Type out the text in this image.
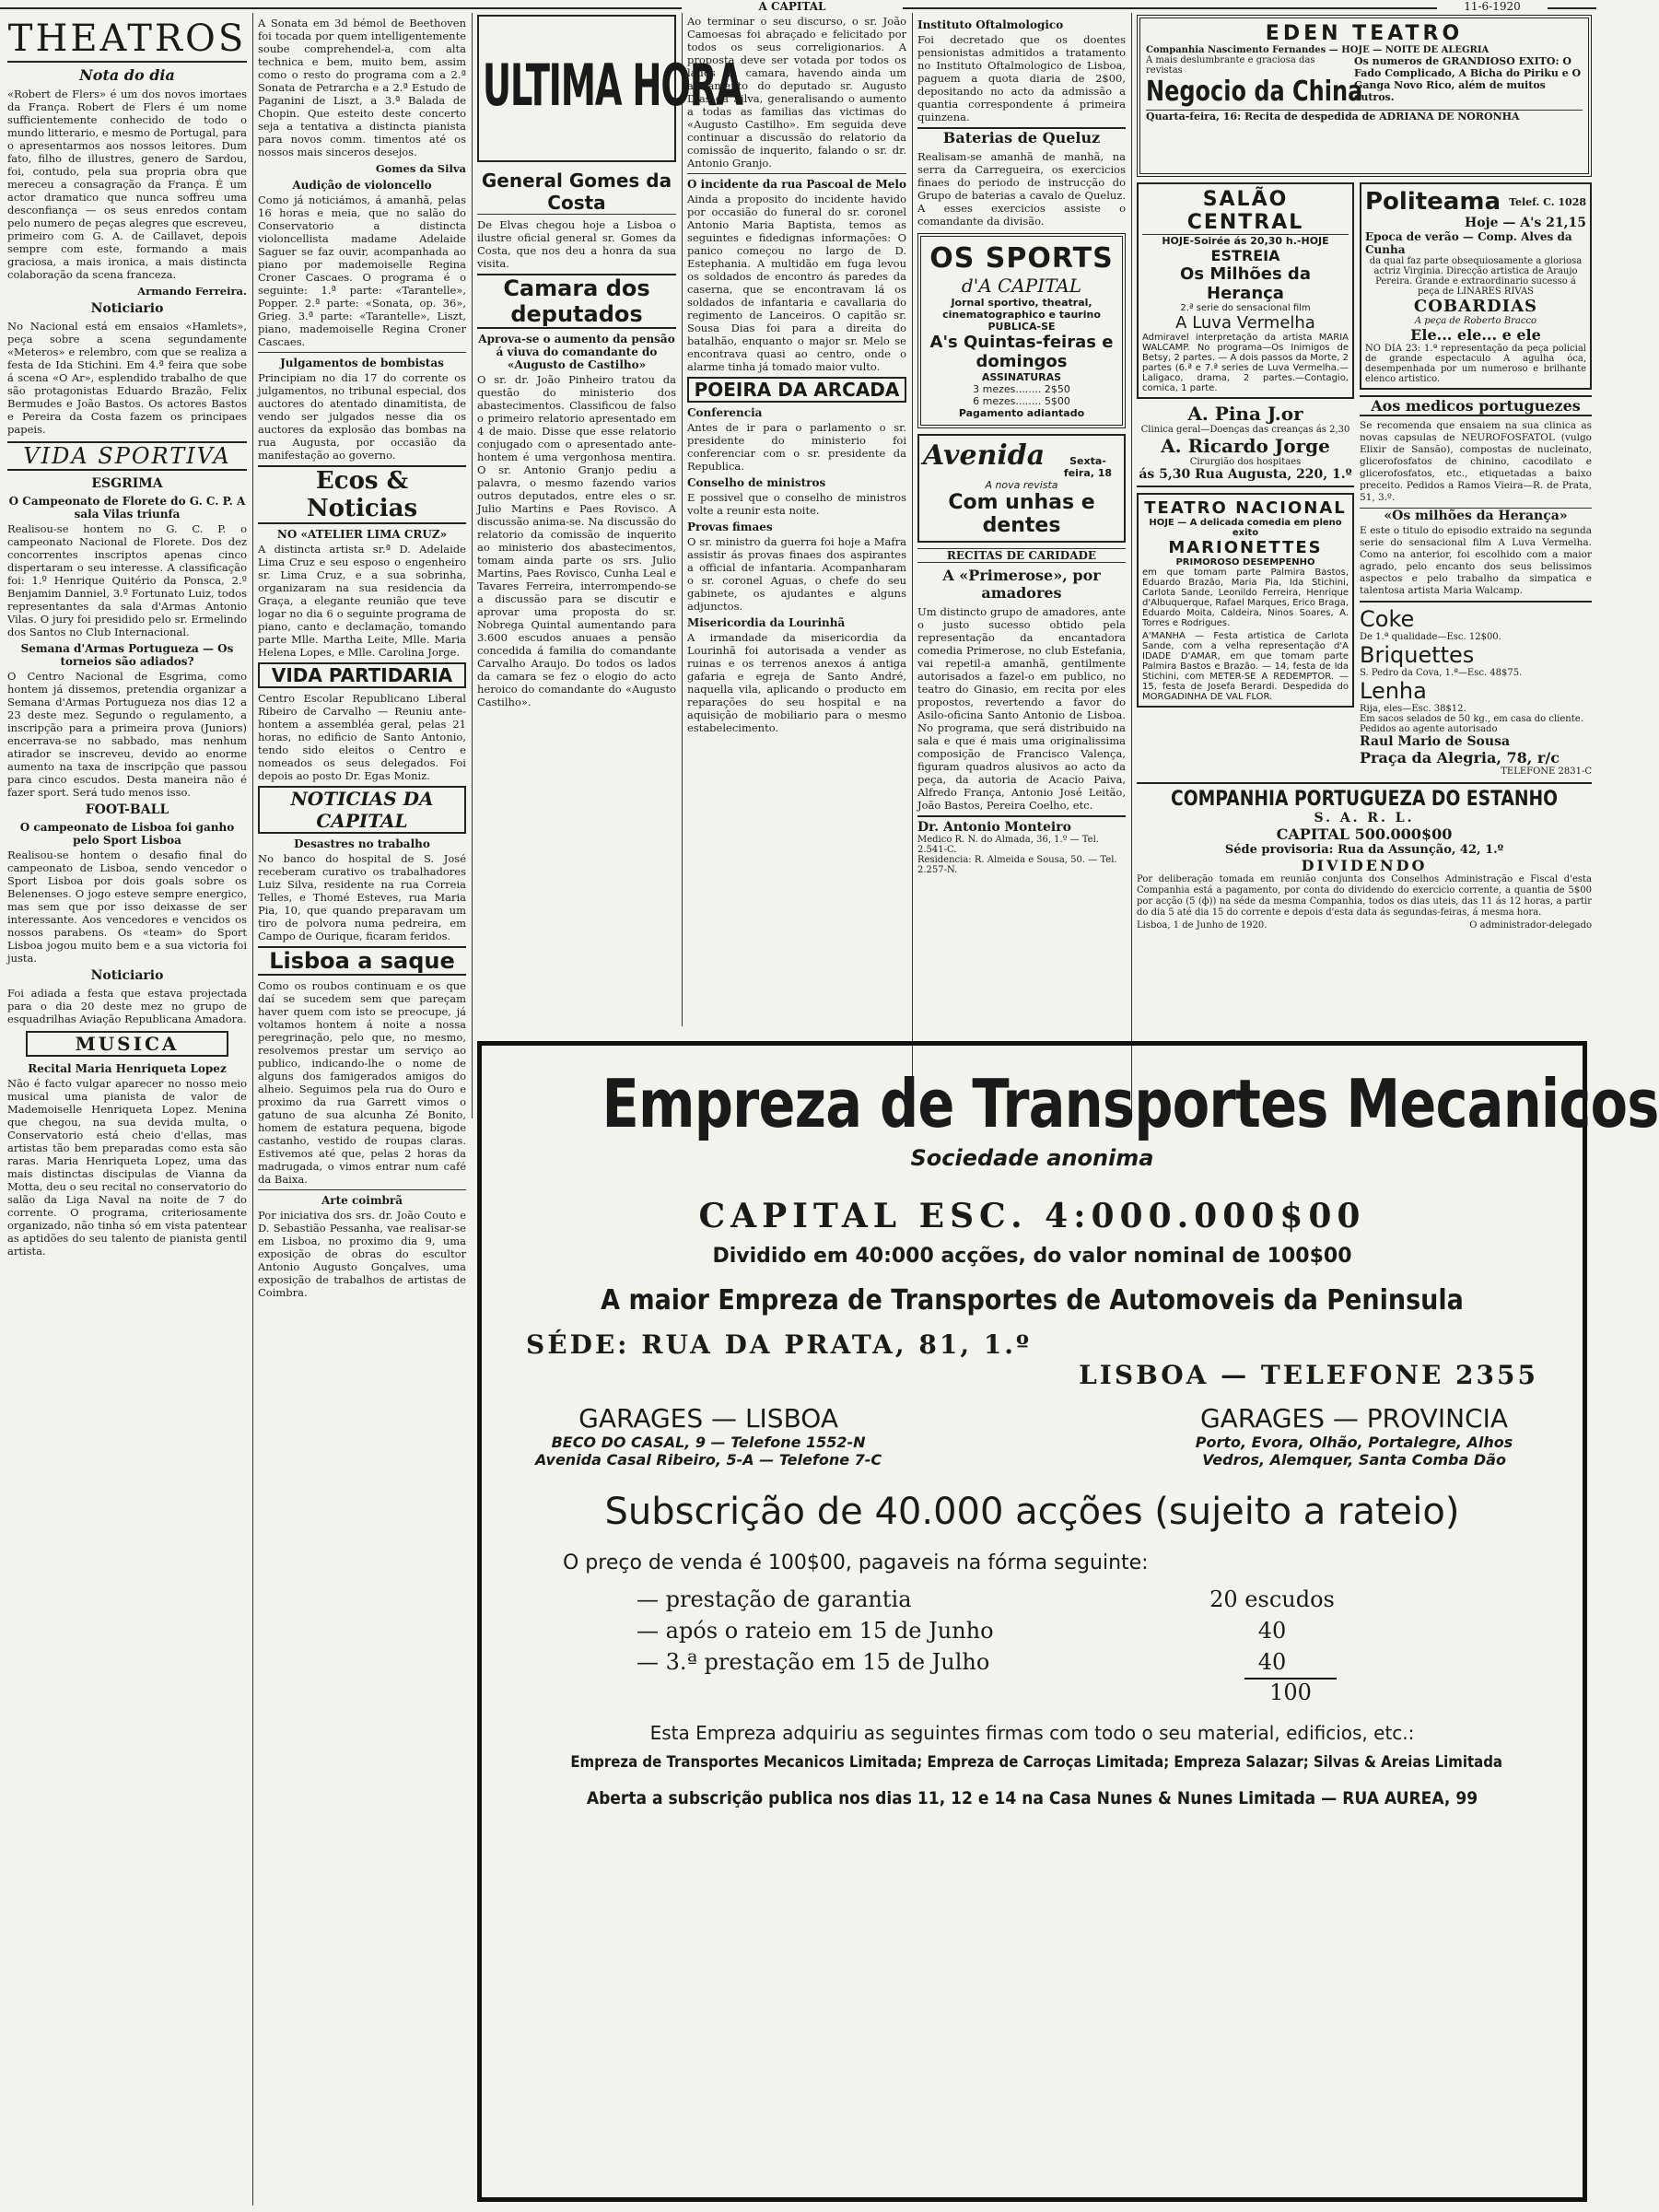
A CAPITAL	11-6-1920
THEATROS
Nota do dia
«Robert de Flers» é um dos novos imortaes da França. Robert de Flers é um nome sufficientemente conhecido de todo o mundo litterario, e mesmo de Portugal, para o apresentarmos aos nossos leitores. Dum fato, filho de illustres, genero de Sardou, foi, contudo, pela sua propria obra que mereceu a consagração da França. É um actor dramatico que nunca soffreu uma desconfiança — os seus enredos contam pelo numero de peças alegres que escreveu, primeiro com G. A. de Caillavet, depois sempre com este, formando a mais graciosa, a mais ironica, a mais distincta colaboração da scena franceza.
Armando Ferreira.
Noticiario
No Nacional está em ensaios «Hamlets», peça sobre a scena segundamente «Meteros» e relembro, com que se realiza a festa de Ida Stichini. Em 4.ª feira que sobe á scena «O Ar», esplendido trabalho de que são protagonistas Eduardo Brazão, Felix Bermudes e João Bastos. Os actores Bastos e Pereira da Costa fazem os principaes papeis.
VIDA SPORTIVA
ESGRIMA
O Campeonato de Florete do G. C. P. A sala Vilas triunfa
Realisou-se hontem no G. C. P. o campeonato Nacional de Florete. Dos dez concorrentes inscriptos apenas cinco dispertaram o seu interesse. A classificação foi: 1.º Henrique Quitério da Ponsca, 2.º Benjamim Danniel, 3.º Fortunato Luiz, todos representantes da sala d'Armas Antonio Vilas. O jury foi presidido pelo sr. Ermelindo dos Santos no Club Internacional.
Semana d'Armas Portugueza — Os torneios são adiados?
O Centro Nacional de Esgrima, como hontem já dissemos, pretendia organizar a Semana d'Armas Portugueza nos dias 12 a 23 deste mez. Segundo o regulamento, a inscripção para a primeira prova (Juniors) encerrava-se no sabbado, mas nenhum atirador se inscreveu, devido ao enorme aumento na taxa de inscripção que passou para cinco escudos. Desta maneira não é fazer sport. Será tudo menos isso.
FOOT-BALL
O campeonato de Lisboa foi ganho pelo Sport Lisboa
Realisou-se hontem o desafio final do campeonato de Lisboa, sendo vencedor o Sport Lisboa por dois goals sobre os Belenenses. O jogo esteve sempre energico, mas sem que por isso deixasse de ser interessante. Aos vencedores e vencidos os nossos parabens. Os «team» do Sport Lisboa jogou muito bem e a sua victoria foi justa.
Noticiario
Foi adiada a festa que estava projectada para o dia 20 deste mez no grupo de esquadrilhas Aviação Republicana Amadora.
MUSICA
Recital Maria Henriqueta Lopez
Não é facto vulgar aparecer no nosso meio musical uma pianista de valor de Mademoiselle Henriqueta Lopez. Menina que chegou, na sua devida multa, o Conservatorio está cheio d'ellas, mas artistas tão bem preparadas como esta são raras. Maria Henriqueta Lopez, uma das mais distinctas discipulas de Vianna da Motta, deu o seu recital no conservatorio do salão da Liga Naval na noite de 7 do corrente. O programa, criteriosamente organizado, não tinha só em vista patentear as aptidões do seu talento de pianista gentil artista.
A Sonata em 3d bémol de Beethoven foi tocada por quem intelligentemente soube comprehendel-a, com alta technica e bem, muito bem, assim como o resto do programa com a 2.ª Sonata de Petrarcha e a 2.ª Estudo de Paganini de Liszt, a 3.ª Balada de Chopin. Que esteito deste concerto seja a tentativa a distincta pianista para novos comm. timentos até os nossos mais sinceros desejos.
Gomes da Silva
Audição de violoncello
Como já noticiámos, á amanhã, pelas 16 horas e meia, que no salão do Conservatorio a distincta violoncellista madame Adelaide Saguer se faz ouvir, acompanhada ao piano por mademoiselle Regina Croner Cascaes. O programa é o seguinte: 1.ª parte: «Tarantelle», Popper. 2.ª parte: «Sonata, op. 36», Grieg. 3.ª parte: «Tarantelle», Liszt, piano, mademoiselle Regina Croner Cascaes.
Julgamentos de bombistas
Principiam no dia 17 do corrente os julgamentos, no tribunal especial, dos auctores do atentado dinamitista, de vendo ser julgados nesse dia os auctores da explosão das bombas na rua Augusta, por occasião da manifestação ao governo.
Ecos & Noticias
NO «ATELIER LIMA CRUZ»
A distincta artista sr.ª D. Adelaide Lima Cruz e seu esposo o engenheiro sr. Lima Cruz, e a sua sobrinha, organizaram na sua residencia da Graça, a elegante reunião que teve logar no dia 6 o seguinte programa de piano, canto e declamação, tomando parte Mlle. Martha Leite, Mlle. Maria Helena Lopes, e Mlle. Carolina Jorge.
VIDA PARTIDARIA
Centro Escolar Republicano Liberal Ribeiro de Carvalho — Reuniu ante-hontem a assembléa geral, pelas 21 horas, no edificio de Santo Antonio, tendo sido eleitos o Centro e nomeados os seus delegados. Foi depois ao posto Dr. Egas Moniz.
NOTICIAS DA CAPITAL
Desastres no trabalho
No banco do hospital de S. José receberam curativo os trabalhadores Luiz Silva, residente na rua Correia Telles, e Thomé Esteves, rua Maria Pia, 10, que quando preparavam um tiro de polvora numa pedreira, em Campo de Ourique, ficaram feridos.
Lisboa a saque
Como os roubos continuam e os que daí se sucedem sem que pareçam haver quem com isto se preocupe, já voltamos hontem á noite a nossa peregrinação, pelo que, no mesmo, resolvemos prestar um serviço ao publico, indicando-lhe o nome de alguns dos famigerados amigos do alheio. Seguimos pela rua do Ouro e proximo da rua Garrett vimos o gatuno de sua alcunha Zé Bonito, homem de estatura pequena, bigode castanho, vestido de roupas claras. Estivemos até que, pelas 2 horas da madrugada, o vimos entrar num café da Baixa.
Arte coimbrã
Por iniciativa dos srs. dr. João Couto e D. Sebastião Pessanha, vae realisar-se em Lisboa, no proximo dia 9, uma exposição de obras do escultor Antonio Augusto Gonçalves, uma exposição de trabalhos de artistas de Coimbra.
ULTIMA HORA
General Gomes da Costa
De Elvas chegou hoje a Lisboa o ilustre oficial general sr. Gomes da Costa, que nos deu a honra da sua visita.
Camara dos deputados
Aprova-se o aumento da pensão á viuva do comandante do «Augusto de Castilho»
O sr. dr. João Pinheiro tratou da questão do ministerio dos abastecimentos. Classificou de falso o primeiro relatorio apresentado em 4 de maio. Disse que esse relatorio conjugado com o apresentado ante-hontem é uma vergonhosa mentira. O sr. Antonio Granjo pediu a palavra, o mesmo fazendo varios outros deputados, entre eles o sr. Julio Martins e Paes Rovisco. A discussão anima-se. Na discussão do relatorio da comissão de inquerito ao ministerio dos abastecimentos, tomam ainda parte os srs. Julio Martins, Paes Rovisco, Cunha Leal e Tavares Ferreira, interrompendo-se a discussão para se discutir e aprovar uma proposta do sr. Nobrega Quintal aumentando para 3.600 escudos anuaes a pensão concedida á familia do comandante Carvalho Araujo. Do todos os lados da camara se fez o elogio do acto heroico do comandante do «Augusto Castilho».
Ao terminar o seu discurso, o sr. João Camoesas foi abraçado e felicitado por todos os seus correligionarios. A proposta deve ser votada por todos os lados da camara, havendo ainda um aditamento do deputado sr. Augusto Dias da Silva, generalisando o aumento a todas as familias das victimas do «Augusto Castilho». Em seguida deve continuar a discussão do relatorio da comissão de inquerito, falando o sr. dr. Antonio Granjo.
O incidente da rua Pascoal de Melo
Ainda a proposito do incidente havido por occasião do funeral do sr. coronel Antonio Maria Baptista, temos as seguintes e fidedignas informações: O panico começou no largo de D. Estephania. A multidão em fuga levou os soldados de encontro ás paredes da caserna, que se encontravam lá os soldados de infantaria e cavallaria do regimento de Lanceiros. O capitão sr. Sousa Dias foi para a direita do batalhão, enquanto o major sr. Melo se encontrava quasi ao centro, onde o alarme tinha já tomado maior vulto.
POEIRA DA ARCADA
Conferencia
Antes de ir para o parlamento o sr. presidente do ministerio foi conferenciar com o sr. presidente da Republica.
Conselho de ministros
E possivel que o conselho de ministros volte a reunir esta noite.
Provas fimaes
O sr. ministro da guerra foi hoje a Mafra assistir ás provas finaes dos aspirantes a official de infantaria. Acompanharam o sr. coronel Aguas, o chefe do seu gabinete, os ajudantes e alguns adjunctos.
Misericordia da Lourinhã
A irmandade da misericordia da Lourinhã foi autorisada a vender as ruinas e os terrenos anexos á antiga gafaria e egreja de Santo André, naquella vila, aplicando o producto em reparações do seu hospital e na aquisição de mobiliario para o mesmo estabelecimento.
Instituto Oftalmologico
Foi decretado que os doentes pensionistas admitidos a tratamento no Instituto Oftalmologico de Lisboa, paguem a quota diaria de 2$00, depositando no acto da admissão a quantia correspondente á primeira quinzena.
Baterias de Queluz
Realisam-se amanhã de manhã, na serra da Carregueira, os exercicios finaes do periodo de instrucção do Grupo de baterias a cavalo de Queluz. A esses exercicios assiste o comandante da divisão.
OS SPORTS
d'A CAPITAL
Jornal sportivo, theatral, cinematographico e taurino
PUBLICA-SE
A's Quintas-feiras e domingos
ASSINATURAS
3 mezes........ 2$50
6 mezes........ 5$00
Pagamento adiantado
Avenida	Sexta-feira, 18
A nova revista
Com unhas e dentes
RECITAS DE CARIDADE
A «Primerose», por amadores
Um distincto grupo de amadores, ante o justo sucesso obtido pela representação da encantadora comedia Primerose, no club Estefania, vai repetil-a amanhã, gentilmente autorisados a fazel-o em publico, no teatro do Ginasio, em recita por eles propostos, revertendo a favor do Asilo-oficina Santo Antonio de Lisboa. No programa, que será distribuido na sala e que é mais uma originalissima composição de Francisco Valença, figuram quadros alusivos ao acto da peça, da autoria de Acacio Paiva, Alfredo França, Antonio José Leitão, João Bastos, Pereira Coelho, etc.
Dr. Antonio Monteiro
Medico R. N. do Almada, 36, 1.º — Tel. 2.541-C.
Residencia: R. Almeida e Sousa, 50. — Tel. 2.257-N.
EDEN TEATRO
Companhia Nascimento Fernandes — HOJE — NOITE DE ALEGRIA
A mais deslumbrante e graciosa das revistas
Negocio da China
Os numeros de GRANDIOSO EXITO: O Fado Complicado, A Bicha do Piriku e O Ganga Novo Rico, além de muitos outros.
Quarta-feira, 16: Recita de despedida de ADRIANA DE NORONHA
SALÃO CENTRAL
HOJE-Soirée ás 20,30 h.-HOJE
ESTREIA
Os Milhões da Herança
2.ª serie do sensacional film
A Luva Vermelha
Admiravel interpretação da artista MARIA WALCAMP. No programa—Os Inimigos de Betsy, 2 partes. — A dois passos da Morte, 2 partes (6.ª e 7.ª series de Luva Vermelha.—Laligaco, drama, 2 partes.—Contagio, comica, 1 parte.
A. Pina J.or
Clinica geral—Doenças das creanças ás 2,30
A. Ricardo Jorge
Cirurgião dos hospitaes
ás 5,30 Rua Augusta, 220, 1.º
TEATRO NACIONAL
HOJE — A delicada comedia em pleno exito
MARIONETTES
PRIMOROSO DESEMPENHO
em que tomam parte Palmira Bastos, Eduardo Brazão, Maria Pia, Ida Stichini, Carlota Sande, Leonildo Ferreira, Henrique d'Albuquerque, Rafael Marques, Erico Braga, Eduardo Moita, Caldeira, Ninos Soares, A. Torres e Rodrigues.
A'MANHA — Festa artistica de Carlota Sande, com a velha representação d'A IDADE D'AMAR, em que tomam parte Palmira Bastos e Brazão. — 14, festa de Ida Stichini, com METER-SE A REDEMPTOR. — 15, festa de Josefa Berardi. Despedida do MORGADINHA DE VAL FLOR.
Politeama Telef. C. 1028
Hoje — A's 21,15
Epoca de verão — Comp. Alves da Cunha
da qual faz parte obsequiosamente a gloriosa actriz Virginia. Direcção artistica de Araujo Pereira. Grande e extraordinario sucesso á peça de LINARES RIVAS
COBARDIAS
A peça de Roberto Bracco
Ele... ele... e ele
NO DIA 23: 1.ª representação da peça policial de grande espectaculo A agulha óca, desempenhada por um numeroso e brilhante elenco artistico.
Aos medicos portuguezes
Se recomenda que ensaiem na sua clinica as novas capsulas de NEUROFOSFATOL (vulgo Elixir de Sansão), compostas de nucleinato, glicerofosfatos de chinino, cacodilato e glicerofosfatos, etc., etiquetadas a baixo preceito. Pedidos a Ramos Vieira—R. de Prata, 51, 3.º.
«Os milhões da Herança»
E este o titulo do episodio extraido na segunda serie do sensacional film A Luva Vermelha. Como na anterior, foi escolhido com a maior agrado, pelo encanto dos seus belissimos aspectos e pelo trabalho da simpatica e talentosa artista Maria Walcamp.
Coke
De 1.ª qualidade—Esc. 12$00.
Briquettes
S. Pedro da Cova, 1.ª—Esc. 48$75.
Lenha
Rija, eles—Esc. 38$12.
Em sacos selados de 50 kg., em casa do cliente.
Pedidos ao agente autorisado
Raul Mario de Sousa
Praça da Alegria, 78, r/c
TELEFONE 2831-C
COMPANHIA PORTUGUEZA DO ESTANHO
S. A. R. L.
CAPITAL 500.000$00
Séde provisoria: Rua da Assunção, 42, 1.º
DIVIDENDO
Por deliberação tomada em reunião conjunta dos Conselhos Administração e Fiscal d'esta Companhia está a pagamento, por conta do dividendo do exercicio corrente, a quantia de 5$00 por acção (5 (ф)) na séde da mesma Companhia, todos os dias uteis, das 11 ás 12 horas, a partir do dia 5 até dia 15 do corrente e depois d'esta data ás segundas-feiras, á mesma hora.
Lisboa, 1 de Junho de 1920.	O administrador-delegado
Empreza de Transportes Mecanicos
Sociedade anonima
CAPITAL ESC. 4:000.000$00
Dividido em 40:000 acções, do valor nominal de 100$00
A maior Empreza de Transportes de Automoveis da Peninsula
SÉDE: RUA DA PRATA, 81, 1.º
LISBOA — TELEFONE 2355
GARAGES — LISBOA
BECO DO CASAL, 9 — Telefone 1552-N
Avenida Casal Ribeiro, 5-A — Telefone 7-C
GARAGES — PROVINCIA
Porto, Evora, Olhão, Portalegre, Alhos Vedros, Alemquer, Santa Comba Dão
Subscrição de 40.000 acções (sujeito a rateio)
O preço de venda é 100$00, pagaveis na fórma seguinte:
— prestação de garantia	20 escudos
— após o rateio em 15 de Junho	40
— 3.ª prestação em 15 de Julho	40
100
Esta Empreza adquiriu as seguintes firmas com todo o seu material, edificios, etc.:
Empreza de Transportes Mecanicos Limitada; Empreza de Carroças Limitada; Empreza Salazar; Silvas & Areias Limitada
Aberta a subscrição publica nos dias 11, 12 e 14 na Casa Nunes & Nunes Limitada — RUA AUREA, 99
